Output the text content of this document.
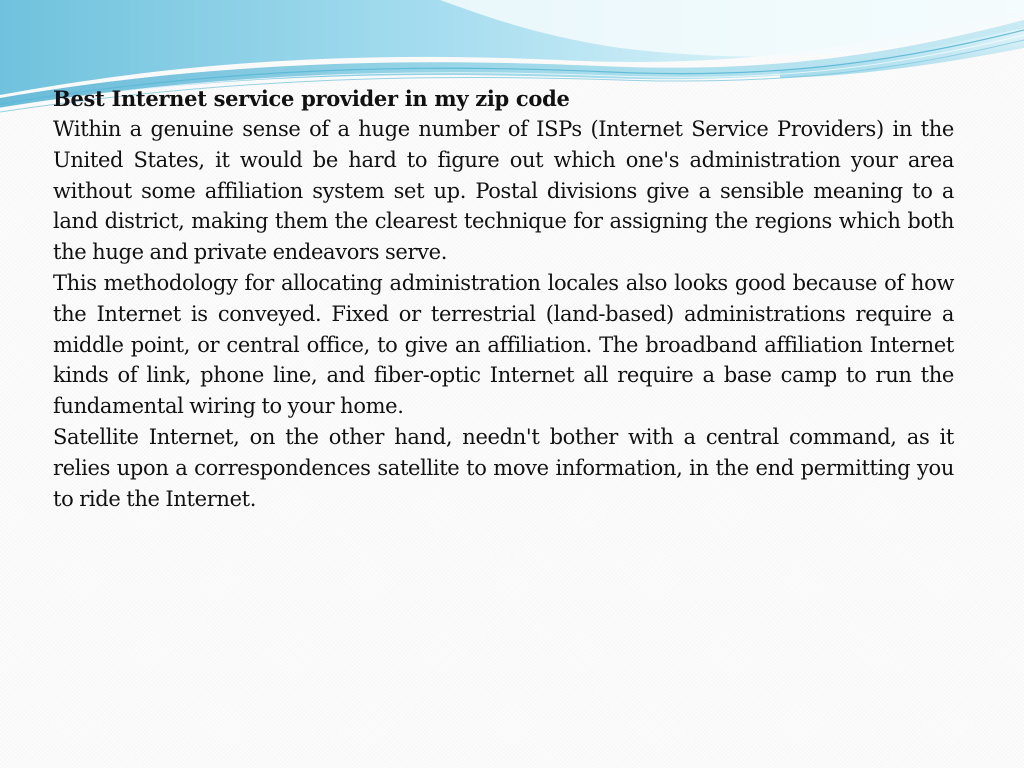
Best Internet service provider in my zip code

Within a genuine sense of a huge number of ISPs (Internet Service Providers) in the United States, it would be hard to figure out which one's administration your area without some affiliation system set up. Postal divisions give a sensible meaning to a land district, making them the clearest technique for assigning the regions which both the huge and private endeavors serve.

This methodology for allocating administration locales also looks good because of how the Internet is conveyed. Fixed or terrestrial (land-based) administrations require a middle point, or central office, to give an affiliation. The broadband affiliation Internet kinds of link, phone line, and fiber-optic Internet all require a base camp to run the fundamental wiring to your home.

Satellite Internet, on the other hand, needn't bother with a central command, as it relies upon a correspondences satellite to move information, in the end permitting you to ride the Internet.
